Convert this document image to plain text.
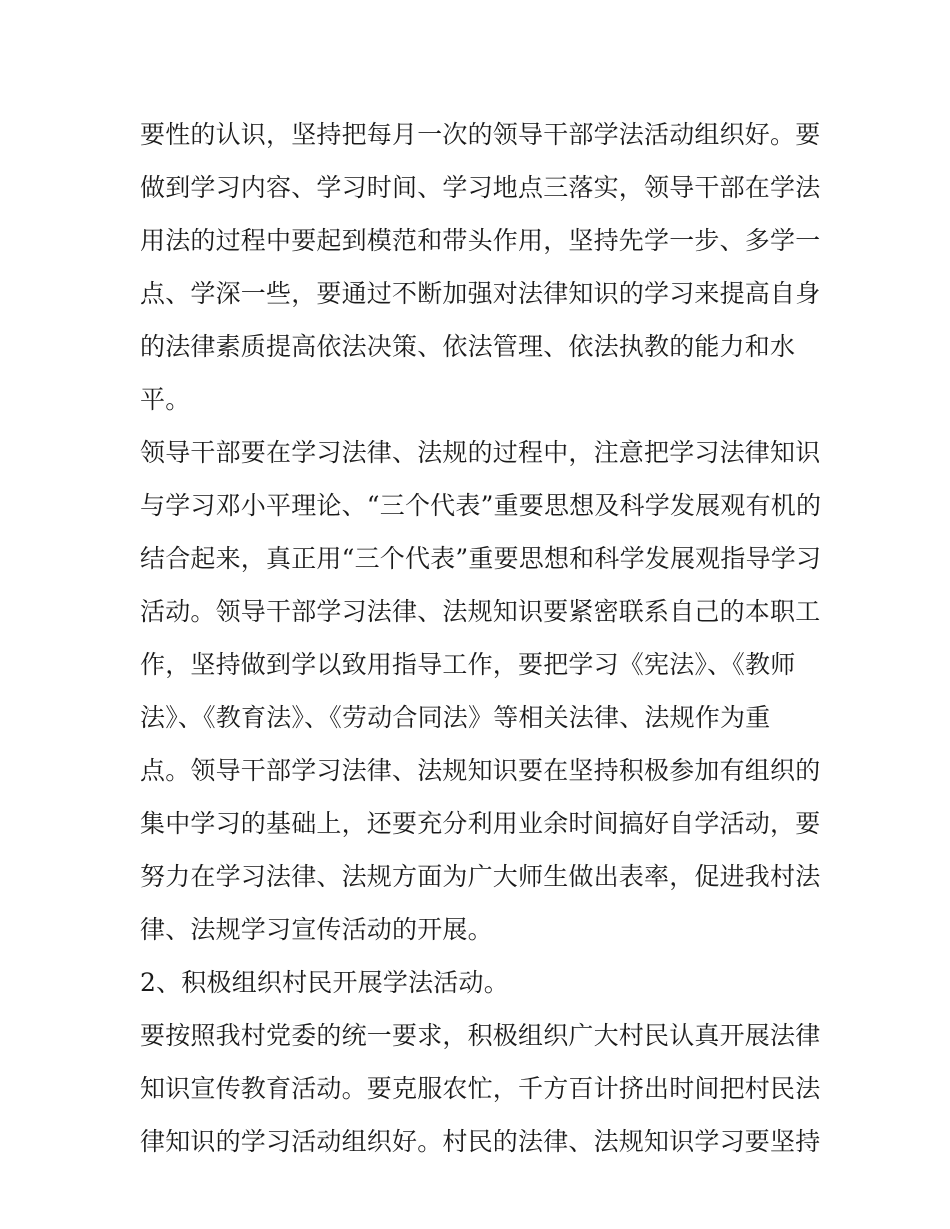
要性的认识，坚持把每月一次的领导干部学法活动组织好。要
做到学习内容、学习时间、学习地点三落实，领导干部在学法
用法的过程中要起到模范和带头作用，坚持先学一步、多学一
点、学深一些，要通过不断加强对法律知识的学习来提高自身
的法律素质提高依法决策、依法管理、依法执教的能力和水
平。
领导干部要在学习法律、法规的过程中，注意把学习法律知识
与学习邓小平理论、“三个代表”重要思想及科学发展观有机的
结合起来，真正用“三个代表”重要思想和科学发展观指导学习
活动。领导干部学习法律、法规知识要紧密联系自己的本职工
作，坚持做到学以致用指导工作，要把学习《宪法》、《教师
法》、《教育法》、《劳动合同法》等相关法律、法规作为重
点。领导干部学习法律、法规知识要在坚持积极参加有组织的
集中学习的基础上，还要充分利用业余时间搞好自学活动，要
努力在学习法律、法规方面为广大师生做出表率，促进我村法
律、法规学习宣传活动的开展。
2、积极组织村民开展学法活动。
要按照我村党委的统一要求，积极组织广大村民认真开展法律
知识宣传教育活动。要克服农忙，千方百计挤出时间把村民法
律知识的学习活动组织好。村民的法律、法规知识学习要坚持
